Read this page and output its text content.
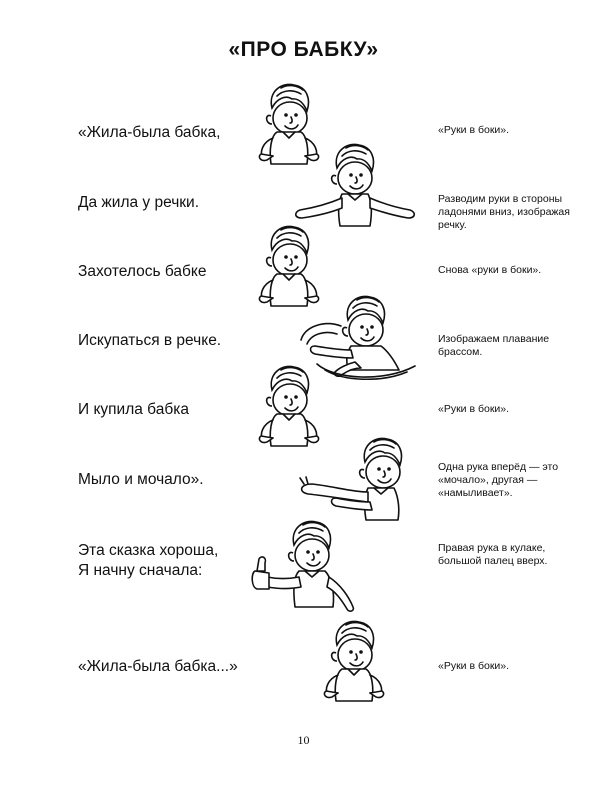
«ПРО БАБКУ»
«Жила-была бабка,
Да жила у речки.
Захотелось бабке
Искупаться в речке.
И купила бабка
Мыло и мочало».
Эта сказка хороша,
Я начну сначала:
«Жила-была бабка...»
«Руки в боки».
Разводим руки в стороны ладонями вниз, изображая речку.
Снова «руки в боки».
Изображаем плавание брассом.
«Руки в боки».
Одна рука вперёд — это «мочало», другая — «намыливает».
Правая рука в кулаке, большой палец вверх.
«Руки в боки».
10
